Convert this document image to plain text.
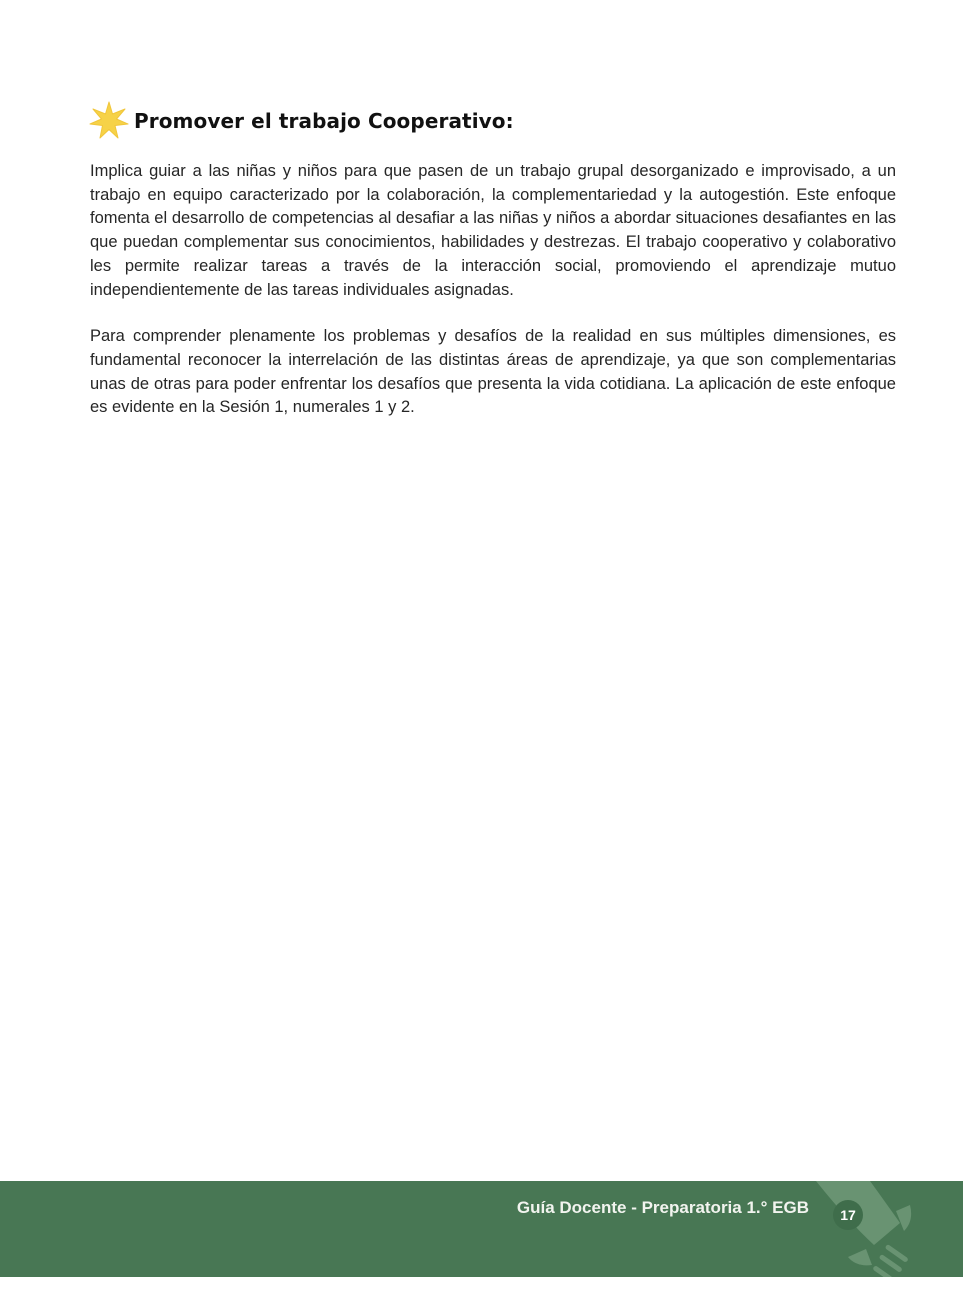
Promover el trabajo Cooperativo:

Implica guiar a las niñas y niños para que pasen de un trabajo grupal desorganizado e improvisado, a un trabajo en equipo caracterizado por la colaboración, la complementariedad y la autogestión. Este enfoque fomenta el desarrollo de competencias al desafiar a las niñas y niños a abordar situaciones desafiantes en las que puedan complementar sus conocimientos, habilidades y destrezas. El trabajo cooperativo y colaborativo les permite realizar tareas a través de la interacción social, promoviendo el aprendizaje mutuo independientemente de las tareas individuales asignadas.

Para comprender plenamente los problemas y desafíos de la realidad en sus múltiples dimensiones, es fundamental reconocer la interrelación de las distintas áreas de aprendizaje, ya que son complementarias unas de otras para poder enfrentar los desafíos que presenta la vida cotidiana. La aplicación de este enfoque es evidente en la Sesión 1, numerales 1 y 2.

Guía Docente - Preparatoria 1.° EGB 17
